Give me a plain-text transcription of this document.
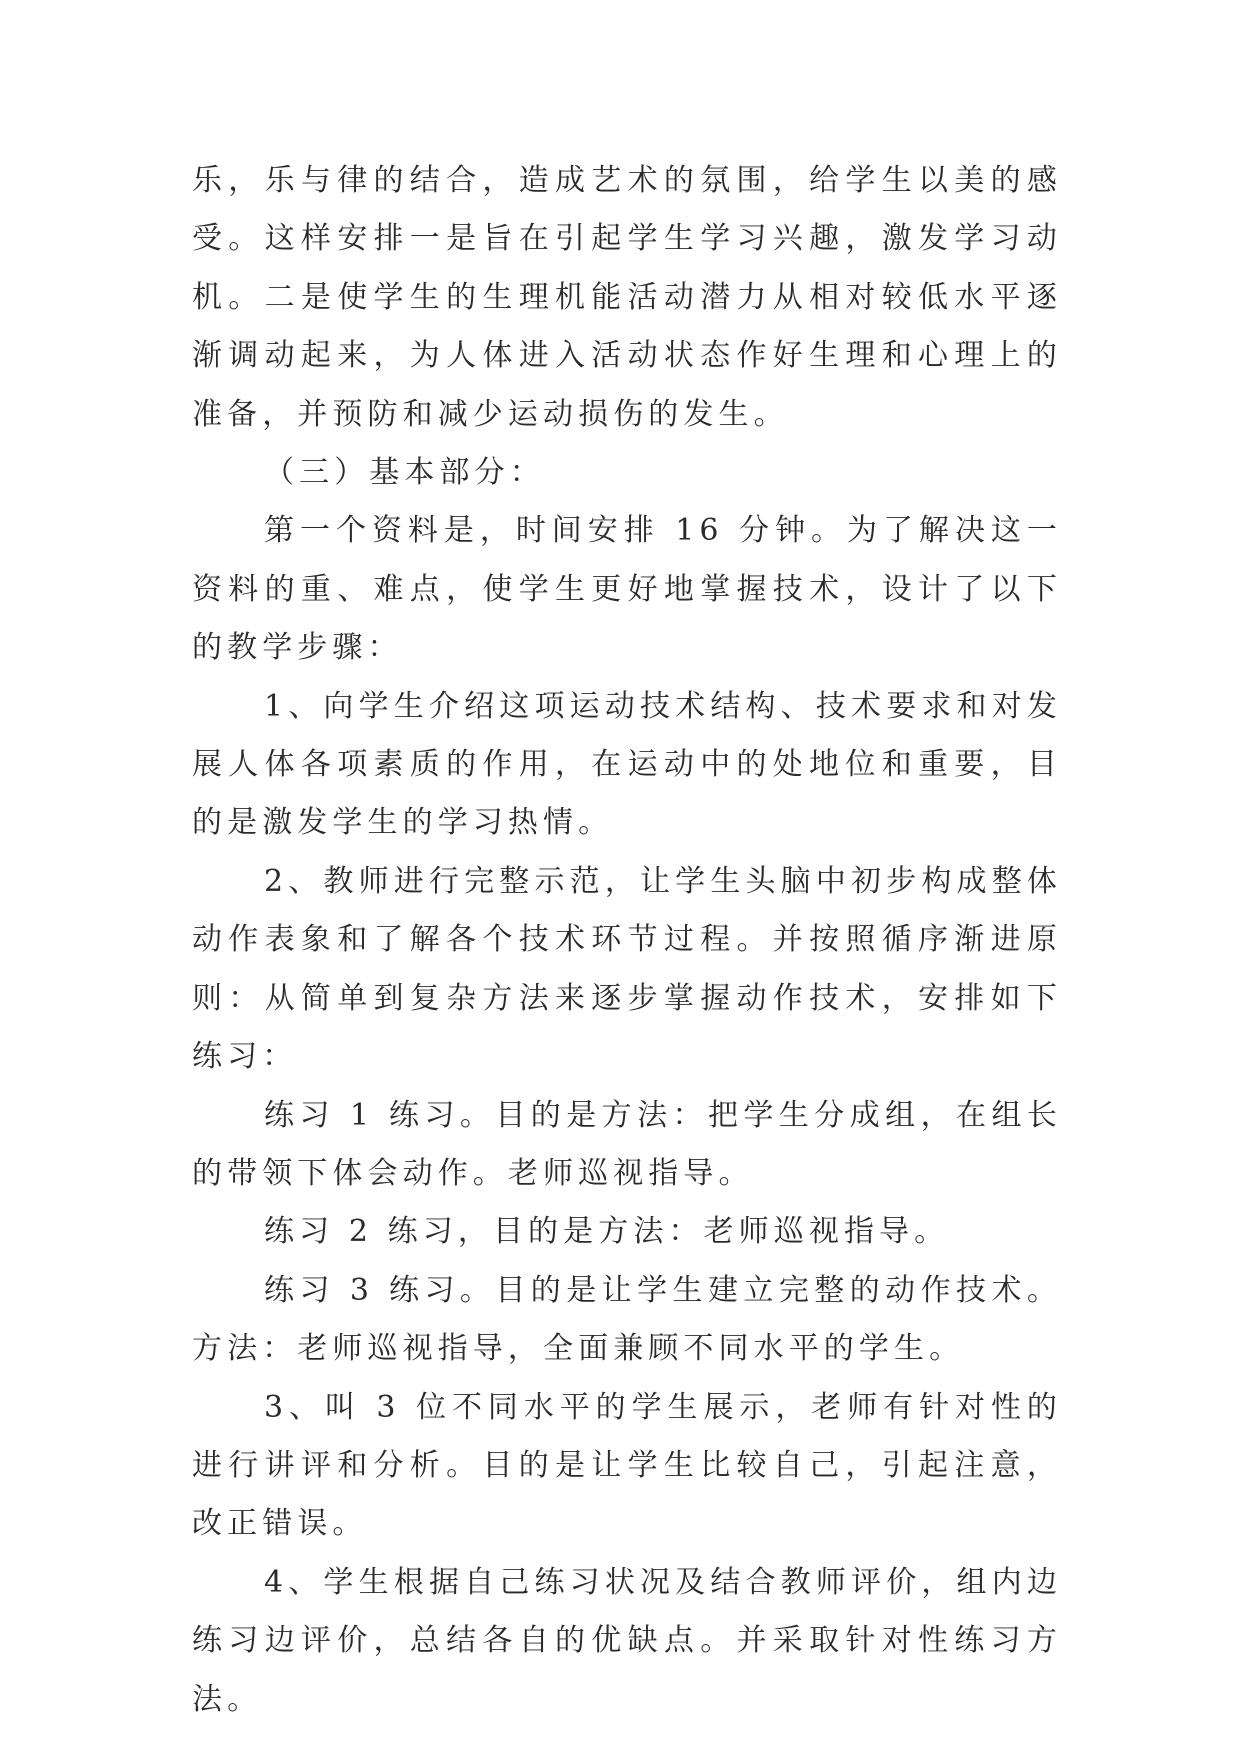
乐，乐与律的结合，造成艺术的氛围，给学生以美的感受。这样安排一是旨在引起学生学习兴趣，激发学习动机。二是使学生的生理机能活动潜力从相对较低水平逐渐调动起来，为人体进入活动状态作好生理和心理上的准备，并预防和减少运动损伤的发生。

（三）基本部分：

第一个资料是，时间安排 16 分钟。为了解决这一资料的重、难点，使学生更好地掌握技术，设计了以下的教学步骤：

1、向学生介绍这项运动技术结构、技术要求和对发展人体各项素质的作用，在运动中的处地位和重要，目的是激发学生的学习热情。

2、教师进行完整示范，让学生头脑中初步构成整体动作表象和了解各个技术环节过程。并按照循序渐进原则：从简单到复杂方法来逐步掌握动作技术，安排如下练习：

练习 1 练习。目的是方法：把学生分成组，在组长的带领下体会动作。老师巡视指导。

练习 2 练习，目的是方法：老师巡视指导。

练习 3 练习。目的是让学生建立完整的动作技术。方法：老师巡视指导，全面兼顾不同水平的学生。

3、叫 3 位不同水平的学生展示，老师有针对性的进行讲评和分析。目的是让学生比较自己，引起注意，改正错误。

4、学生根据自己练习状况及结合教师评价，组内边练习边评价，总结各自的优缺点。并采取针对性练习方法。
